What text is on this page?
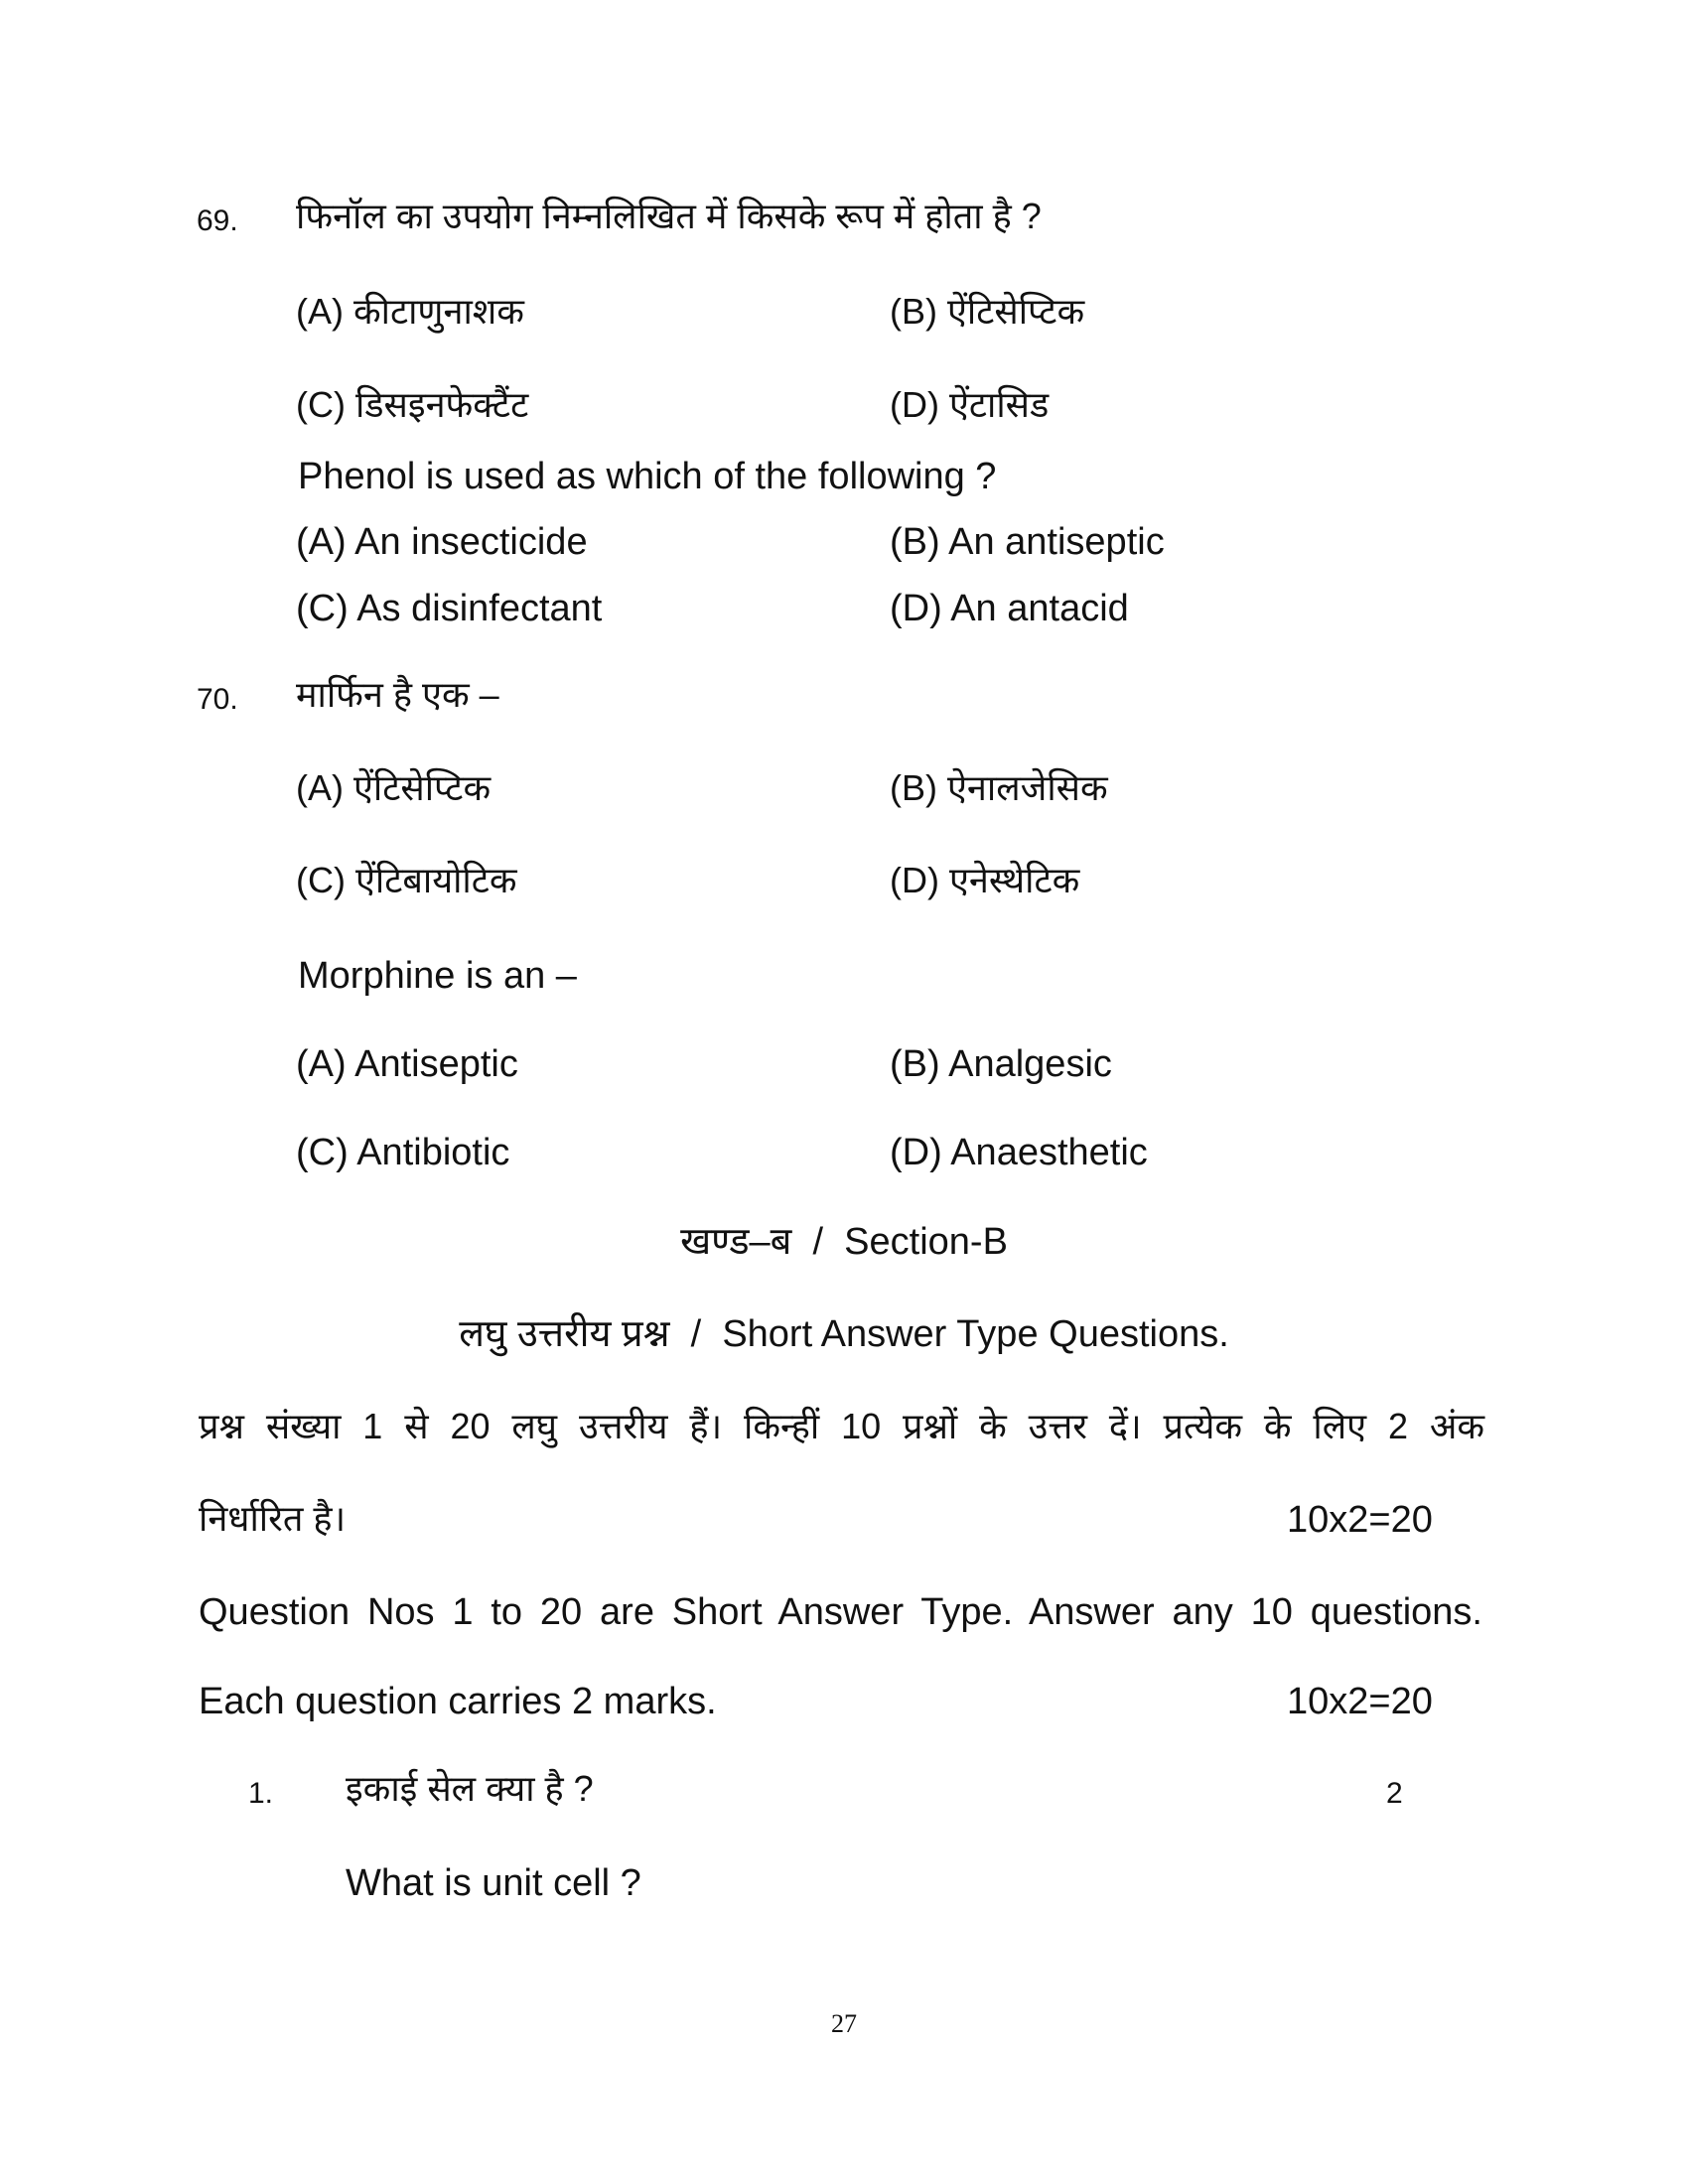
69. फिनॉल का उपयोग निम्नलिखित में किसके रूप में होता है ?
(A) कीटाणुनाशक	(B) ऐंटिसेप्टिक
(C) डिसइनफेक्टैंट	(D) ऐंटासिड
Phenol is used as which of the following ?
(A) An insecticide	(B) An antiseptic
(C) As disinfectant	(D) An antacid
70. मार्फिन है एक –
(A) ऐंटिसेप्टिक	(B) ऐनालजेसिक
(C) ऐंटिबायोटिक	(D) एनेस्थेटिक
Morphine is an –
(A) Antiseptic	(B) Analgesic
(C) Antibiotic	(D) Anaesthetic
खण्ड–ब  /  Section-B
लघु उत्तरीय प्रश्न  /  Short Answer Type Questions.
प्रश्न संख्या 1 से 20 लघु उत्तरीय हैं। किन्हीं 10 प्रश्नों के उत्तर दें। प्रत्येक के लिए 2 अंक
निर्धारित है।	10x2=20
Question Nos 1 to 20 are Short Answer Type. Answer any 10 questions.
Each question carries 2 marks.	10x2=20
1. इकाई सेल क्या है ?	2
What is unit cell ?
27
